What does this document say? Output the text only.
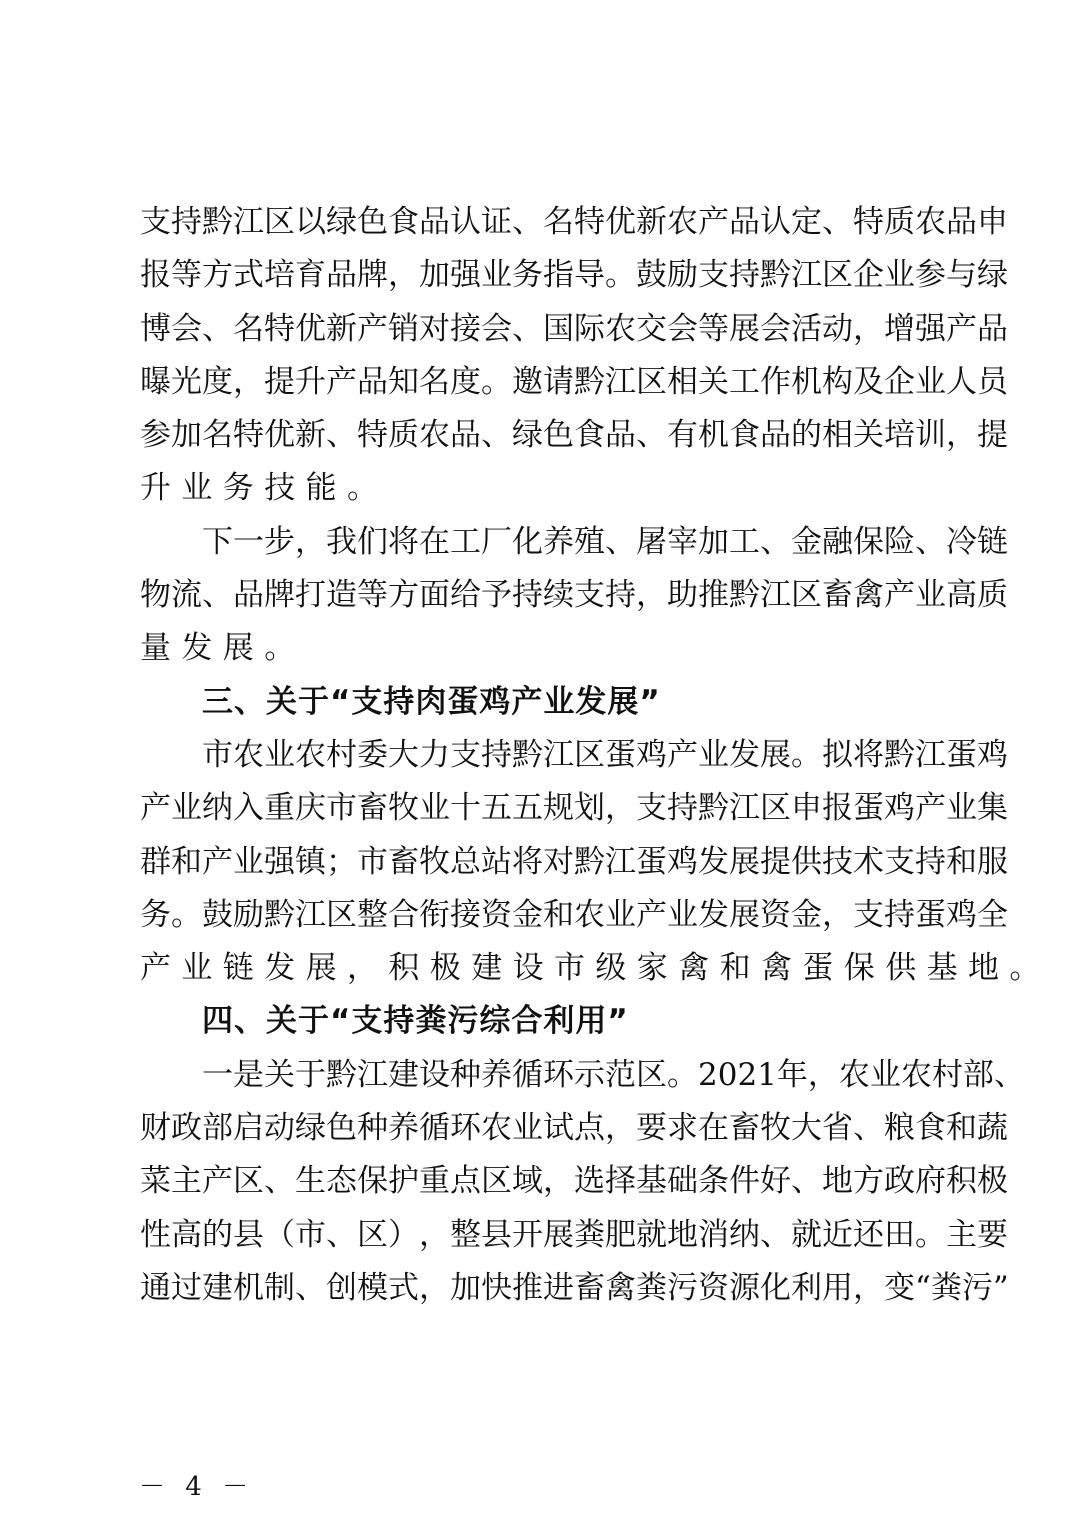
支 持 黔 江 区 以 绿 色 食 品 认 证 、 名 特 优 新 农 产 品 认 定 、 特 质 农 品 申
报 等 方 式 培 育 品 牌 ， 加 强 业 务 指 导 。 鼓 励 支 持 黔 江 区 企 业 参 与 绿
博 会 、 名 特 优 新 产 销 对 接 会 、 国 际 农 交 会 等 展 会 活 动 ， 增 强 产 品
曝 光 度 ， 提 升 产 品 知 名 度 。 邀 请 黔 江 区 相 关 工 作 机 构 及 企 业 人 员
参 加 名 特 优 新 、 特 质 农 品 、 绿 色 食 品 、 有 机 食 品 的 相 关 培 训 ， 提
升业务技能。
下 一 步 ， 我 们 将 在 工 厂 化 养 殖 、 屠 宰 加 工 、 金 融 保 险 、 冷 链
物 流 、 品 牌 打 造 等 方 面 给 予 持 续 支 持 ， 助 推 黔 江 区 畜 禽 产 业 高 质
量发展。
三、关于“支持肉蛋鸡产业发展”
市 农 业 农 村 委 大 力 支 持 黔 江 区 蛋 鸡 产 业 发 展 。 拟 将 黔 江 蛋 鸡
产 业 纳 入 重 庆 市 畜 牧 业 十 五 五 规 划 ， 支 持 黔 江 区 申 报 蛋 鸡 产 业 集
群 和 产 业 强 镇 ； 市 畜 牧 总 站 将 对 黔 江 蛋 鸡 发 展 提 供 技 术 支 持 和 服
务 。 鼓 励 黔 江 区 整 合 衔 接 资 金 和 农 业 产 业 发 展 资 金 ， 支 持 蛋 鸡 全
产业链发展，积极建设市级家禽和禽蛋保供基地。
四、关于“支持粪污综合利用”
一 是 关 于 黔 江 建 设 种 养 循 环 示 范 区 。 2021 年 ， 农 业 农 村 部 、
财 政 部 启 动 绿 色 种 养 循 环 农 业 试 点 ， 要 求 在 畜 牧 大 省 、 粮 食 和 蔬
菜 主 产 区 、 生 态 保 护 重 点 区 域 ， 选 择 基 础 条 件 好 、 地 方 政 府 积 极
性 高 的 县 （ 市 、 区 ） ， 整 县 开 展 粪 肥 就 地 消 纳 、 就 近 还 田 。 主 要
通 过 建 机 制 、 创 模 式 ， 加 快 推 进 畜 禽 粪 污 资 源 化 利 用 ， 变 “ 粪 污 ”
－ 4 －
